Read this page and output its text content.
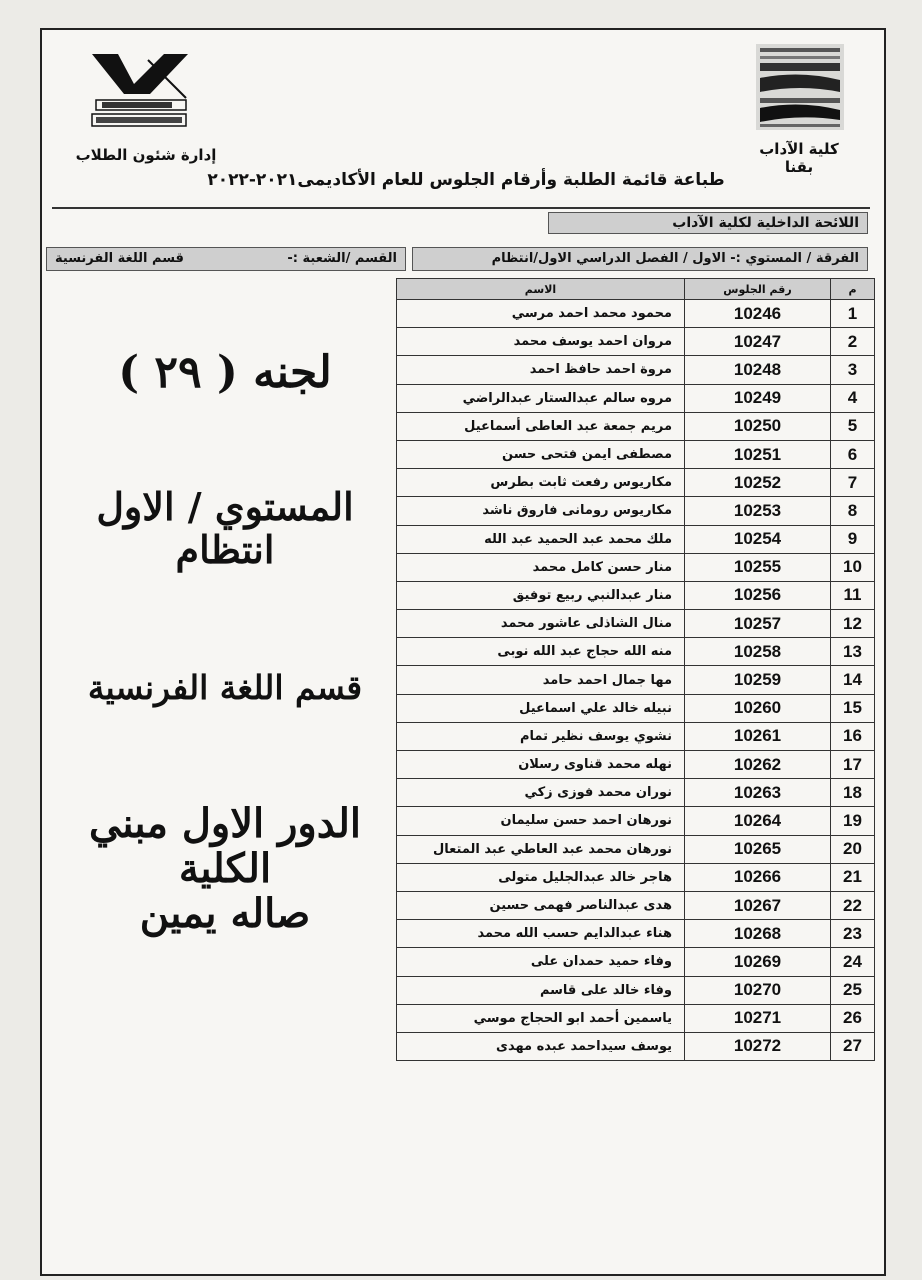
إدارة شئون الطلاب	كلية الآداب بقنا
طباعة قائمة الطلبة وأرقام الجلوس للعام الأكاديمى٢٠٢١-٢٠٢٢
اللائحة الداخلية لكلية الآداب
الفرقة / المستوي :- الاول / الفصل الدراسي الاول/انتظام
القسم /الشعبة :-
قسم اللغة الفرنسية
الاسم	رقم الجلوس	م
محمود محمد احمد مرسي	10246	1
مروان احمد يوسف محمد	10247	2
مروة احمد حافظ احمد	10248	3
مروه سالم عبدالستار عبدالراضي	10249	4
مريم جمعة عبد العاطى أسماعيل	10250	5
مصطفى ايمن فتحى حسن	10251	6
مكاريوس رفعت ثابت بطرس	10252	7
مكاريوس رومانى فاروق ناشد	10253	8
ملك محمد عبد الحميد عبد الله	10254	9
منار حسن كامل محمد	10255	10
منار عبدالنبي ربيع توفيق	10256	11
منال الشاذلى عاشور محمد	10257	12
منه الله حجاج عبد الله نوبى	10258	13
مها جمال احمد حامد	10259	14
نبيله خالد علي اسماعيل	10260	15
نشوي يوسف نظير تمام	10261	16
نهله محمد قناوى رسلان	10262	17
نوران محمد فوزى زكي	10263	18
نورهان احمد حسن سليمان	10264	19
نورهان محمد عبد العاطي عبد المتعال	10265	20
هاجر خالد عبدالجليل متولى	10266	21
هدى عبدالناصر فهمى حسين	10267	22
هناء عبدالدايم حسب الله محمد	10268	23
وفاء حميد حمدان على	10269	24
وفاء خالد على قاسم	10270	25
ياسمين أحمد ابو الحجاج موسي	10271	26
يوسف سيداحمد عبده مهدى	10272	27
لجنه ( ٢٩ )
المستوي / الاول
انتظام
قسم اللغة الفرنسية
الدور الاول مبني
الكلية
صاله يمين
